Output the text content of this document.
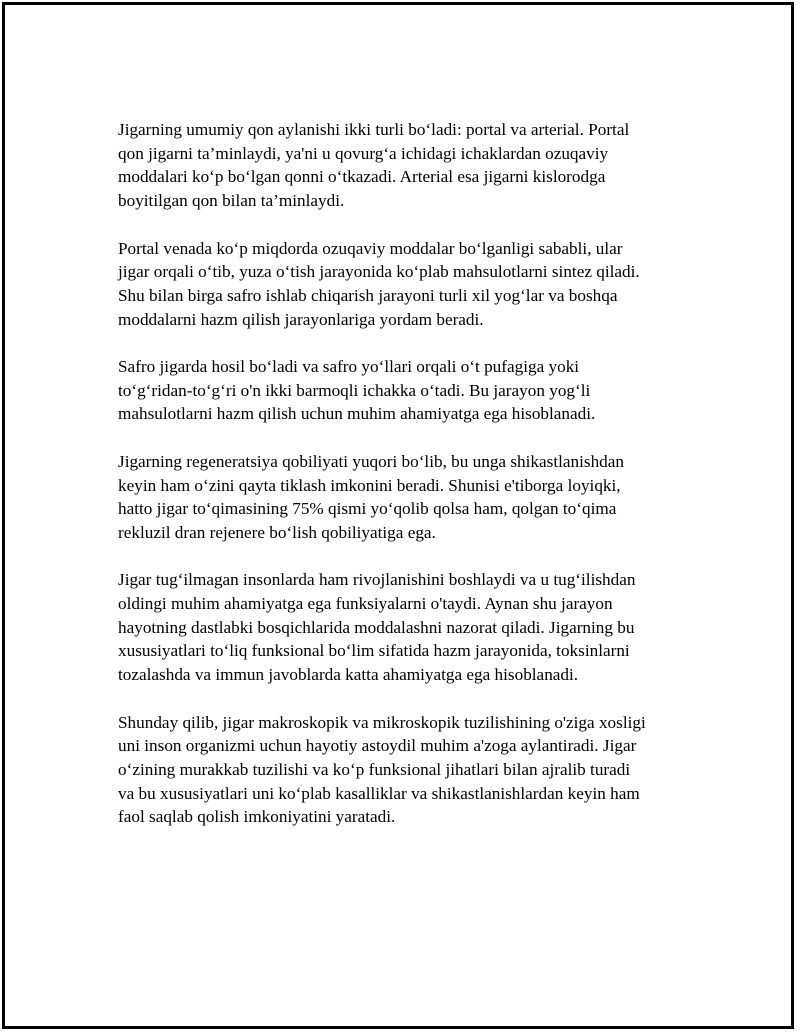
Jigarning umumiy qon aylanishi ikki turli bo‘ladi: portal va arterial. Portal
qon jigarni ta’minlaydi, ya'ni u qovurg‘a ichidagi ichaklardan ozuqaviy
moddalari ko‘p bo‘lgan qonni o‘tkazadi. Arterial esa jigarni kislorodga
boyitilgan qon bilan ta’minlaydi.

Portal venada ko‘p miqdorda ozuqaviy moddalar bo‘lganligi sababli, ular
jigar orqali o‘tib, yuza o‘tish jarayonida ko‘plab mahsulotlarni sintez qiladi.
Shu bilan birga safro ishlab chiqarish jarayoni turli xil yog‘lar va boshqa
moddalarni hazm qilish jarayonlariga yordam beradi.

Safro jigarda hosil bo‘ladi va safro yo‘llari orqali o‘t pufagiga yoki
to‘g‘ridan-to‘g‘ri o'n ikki barmoqli ichakka o‘tadi. Bu jarayon yog‘li
mahsulotlarni hazm qilish uchun muhim ahamiyatga ega hisoblanadi.

Jigarning regeneratsiya qobiliyati yuqori bo‘lib, bu unga shikastlanishdan
keyin ham o‘zini qayta tiklash imkonini beradi. Shunisi e'tiborga loyiqki,
hatto jigar to‘qimasining 75% qismi yo‘qolib qolsa ham, qolgan to‘qima
rekluzil dran rejenere bo‘lish qobiliyatiga ega.

Jigar tug‘ilmagan insonlarda ham rivojlanishini boshlaydi va u tug‘ilishdan
oldingi muhim ahamiyatga ega funksiyalarni o'taydi. Aynan shu jarayon
hayotning dastlabki bosqichlarida moddalashni nazorat qiladi. Jigarning bu
xususiyatlari to‘liq funksional bo‘lim sifatida hazm jarayonida, toksinlarni
tozalashda va immun javoblarda katta ahamiyatga ega hisoblanadi.

Shunday qilib, jigar makroskopik va mikroskopik tuzilishining o'ziga xosligi
uni inson organizmi uchun hayotiy astoydil muhim a'zoga aylantiradi. Jigar
o‘zining murakkab tuzilishi va ko‘p funksional jihatlari bilan ajralib turadi
va bu xususiyatlari uni ko‘plab kasalliklar va shikastlanishlardan keyin ham
faol saqlab qolish imkoniyatini yaratadi.
